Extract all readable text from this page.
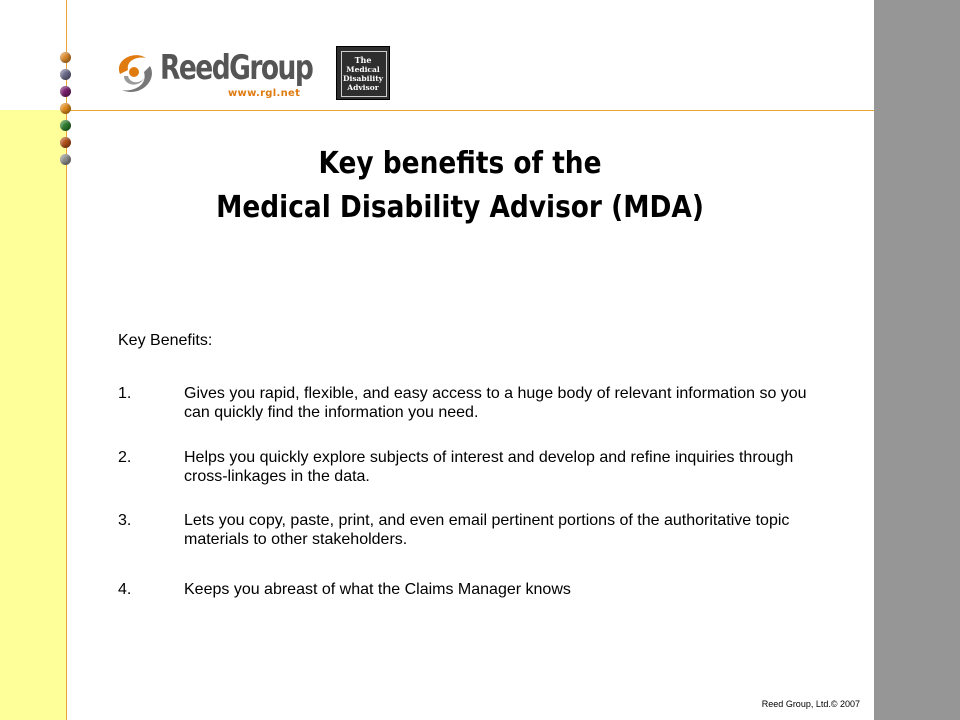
ReedGroup
www.rgl.net
The
Medical
Disability
Advisor
Key benefits of the
Medical Disability Advisor (MDA)
Key Benefits:
1.	Gives you rapid, flexible, and easy access to a huge body of relevant information so you can quickly find the information you need.
2.	Helps you quickly explore subjects of interest and develop and refine inquiries through cross-linkages in the data.
3.	Lets you copy, paste, print, and even email pertinent portions of the authoritative topic materials to other stakeholders.
4.	Keeps you abreast of what the Claims Manager knows
Reed Group, Ltd.© 2007
